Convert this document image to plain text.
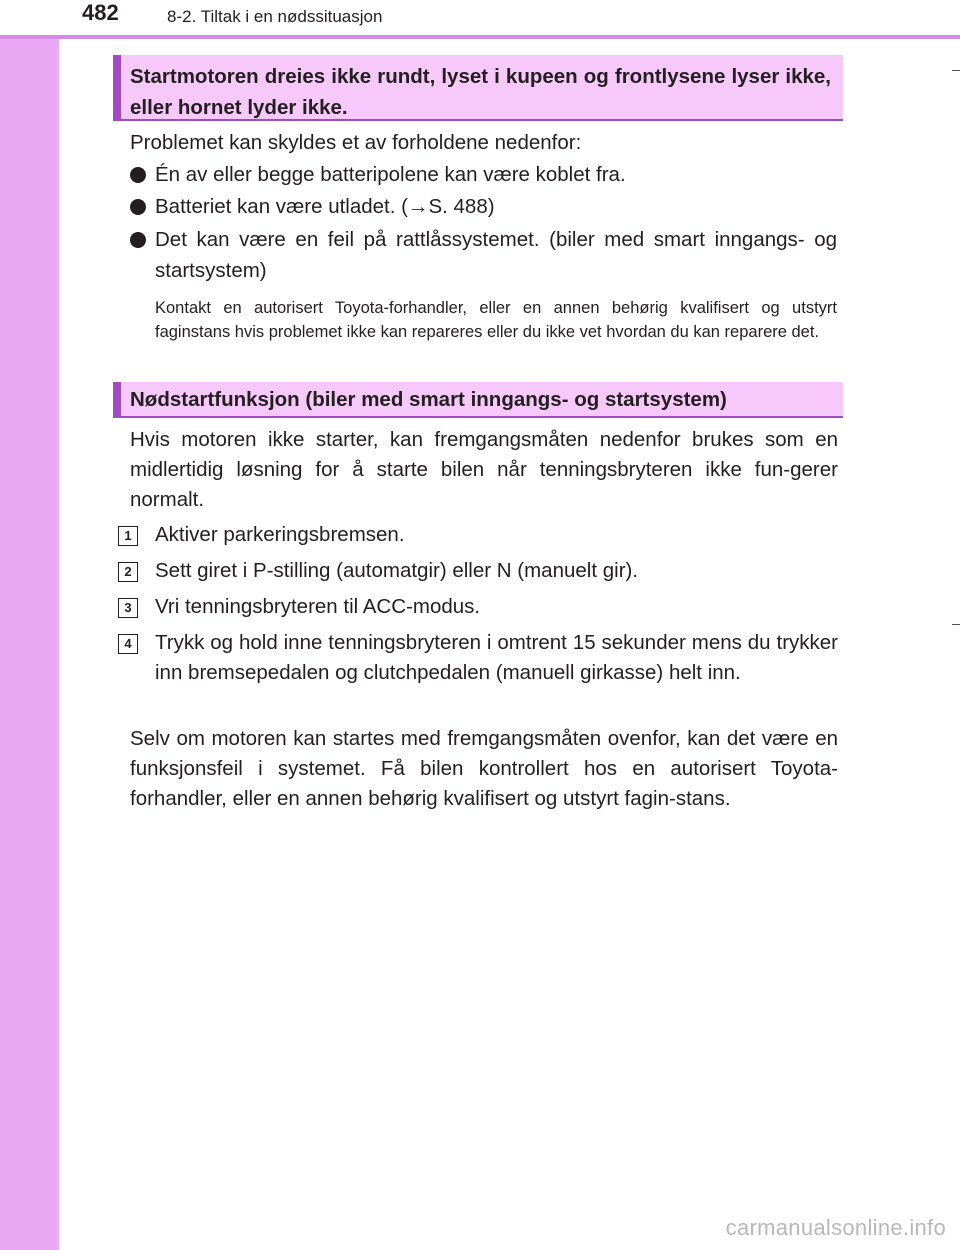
482	8-2. Tiltak i en nødssituasjon
Startmotoren dreies ikke rundt, lyset i kupeen og frontlysene lyser ikke, eller hornet lyder ikke.
Problemet kan skyldes et av forholdene nedenfor:
Én av eller begge batteripolene kan være koblet fra.
Batteriet kan være utladet. (→S. 488)
Det kan være en feil på rattlåssystemet. (biler med smart inngangs- og startsystem)
Kontakt en autorisert Toyota-forhandler, eller en annen behørig kvalifisert og utstyrt faginstans hvis problemet ikke kan repareres eller du ikke vet hvordan du kan reparere det.
Nødstartfunksjon (biler med smart inngangs- og startsystem)
Hvis motoren ikke starter, kan fremgangsmåten nedenfor brukes som en midlertidig løsning for å starte bilen når tenningsbryteren ikke fun-gerer normalt.
1	Aktiver parkeringsbremsen.
2	Sett giret i P-stilling (automatgir) eller N (manuelt gir).
3	Vri tenningsbryteren til ACC-modus.
4	Trykk og hold inne tenningsbryteren i omtrent 15 sekunder mens du trykker inn bremsepedalen og clutchpedalen (manuell girkasse) helt inn.
Selv om motoren kan startes med fremgangsmåten ovenfor, kan det være en funksjonsfeil i systemet. Få bilen kontrollert hos en autorisert Toyota-forhandler, eller en annen behørig kvalifisert og utstyrt fagin-stans.
carmanualsonline.info
